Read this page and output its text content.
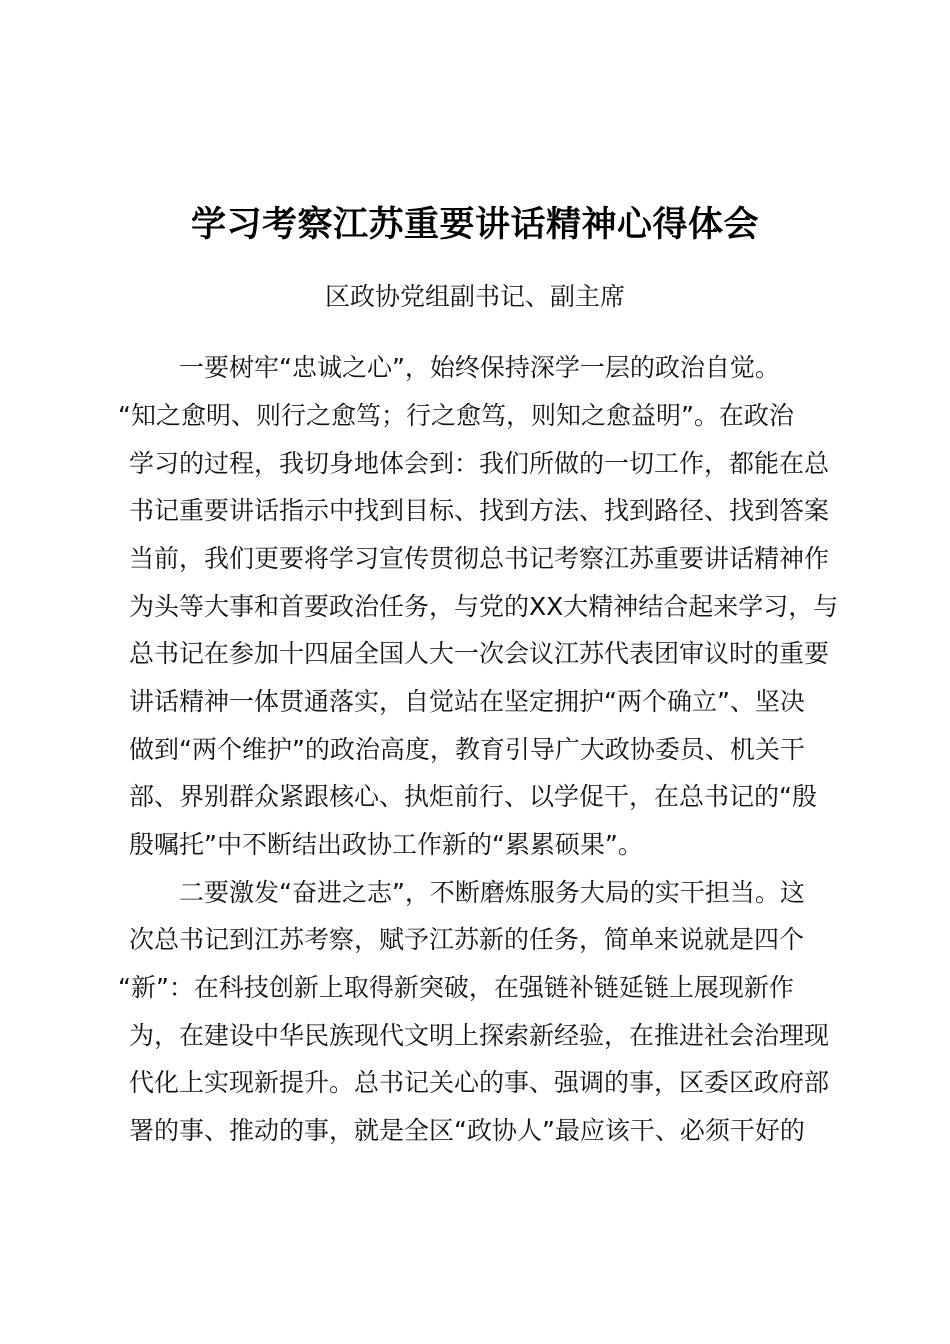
学习考察江苏重要讲话精神心得体会
区政协党组副书记、副主席
一要树牢“忠诚之心”，始终保持深学一层的政治自觉。
“知之愈明、则行之愈笃；行之愈笃，则知之愈益明”。在政治
学习的过程，我切身地体会到：我们所做的一切工作，都能在总
书记重要讲话指示中找到目标、找到方法、找到路径、找到答案
当前，我们更要将学习宣传贯彻总书记考察江苏重要讲话精神作
为头等大事和首要政治任务，与党的XX大精神结合起来学习，与
总书记在参加十四届全国人大一次会议江苏代表团审议时的重要
讲话精神一体贯通落实，自觉站在坚定拥护“两个确立”、坚决
做到“两个维护”的政治高度，教育引导广大政协委员、机关干
部、界别群众紧跟核心、执炬前行、以学促干，在总书记的“殷
殷嘱托”中不断结出政协工作新的“累累硕果”。
二要激发“奋进之志”，不断磨炼服务大局的实干担当。这
次总书记到江苏考察，赋予江苏新的任务，简单来说就是四个
“新”：在科技创新上取得新突破，在强链补链延链上展现新作
为，在建设中华民族现代文明上探索新经验，在推进社会治理现
代化上实现新提升。总书记关心的事、强调的事，区委区政府部
署的事、推动的事，就是全区“政协人”最应该干、必须干好的
